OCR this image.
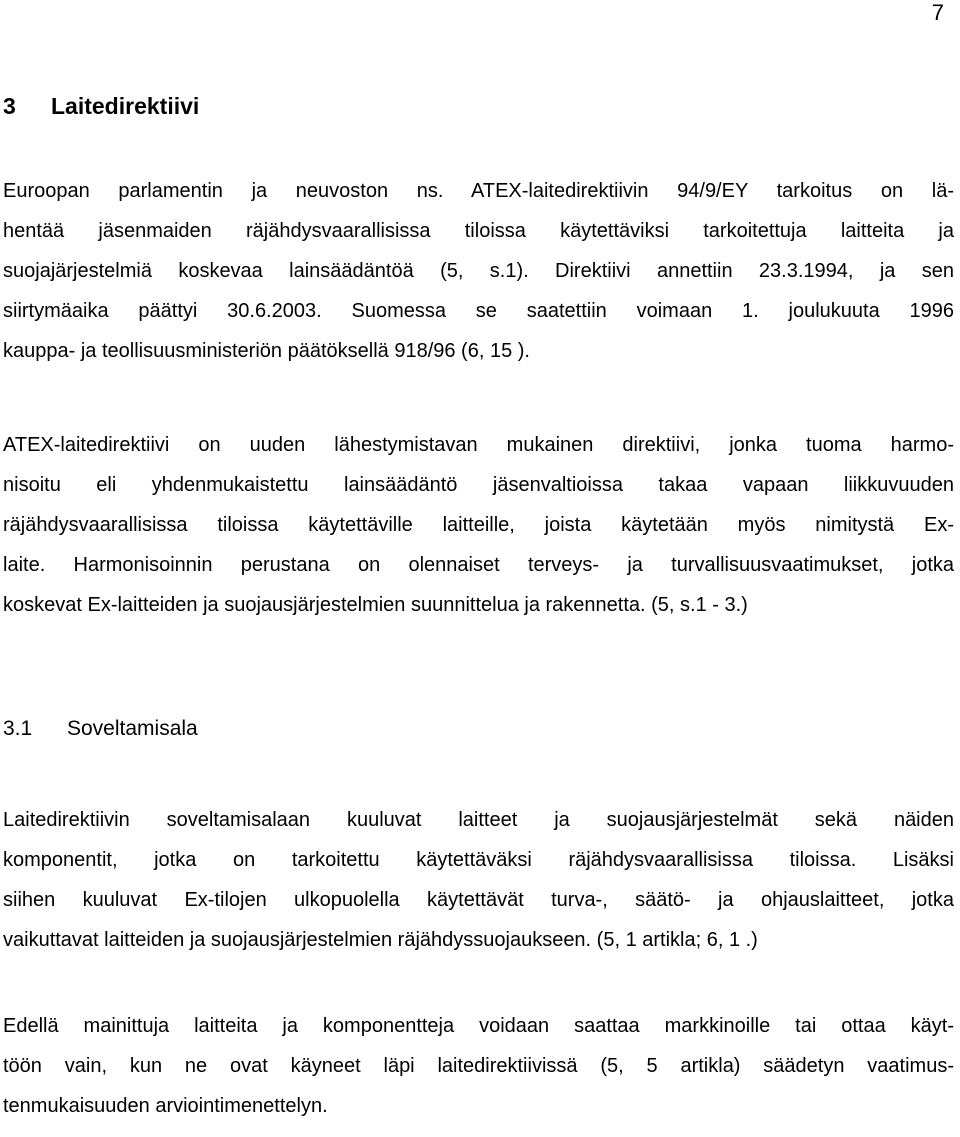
7
3 Laitedirektiivi
Euroopan parlamentin ja neuvoston ns. ATEX-laitedirektiivin 94/9/EY tarkoitus on lä-
hentää jäsenmaiden räjähdysvaarallisissa tiloissa käytettäviksi tarkoitettuja laitteita ja
suojajärjestelmiä koskevaa lainsäädäntöä (5, s.1). Direktiivi annettiin 23.3.1994, ja sen
siirtymäaika päättyi 30.6.2003. Suomessa se saatettiin voimaan 1. joulukuuta 1996
kauppa- ja teollisuusministeriön päätöksellä 918/96 (6, 15 ).
ATEX-laitedirektiivi on uuden lähestymistavan mukainen direktiivi, jonka tuoma harmo-
nisoitu eli yhdenmukaistettu lainsäädäntö jäsenvaltioissa takaa vapaan liikkuvuuden
räjähdysvaarallisissa tiloissa käytettäville laitteille, joista käytetään myös nimitystä Ex-
laite. Harmonisoinnin perustana on olennaiset terveys- ja turvallisuusvaatimukset, jotka
koskevat Ex-laitteiden ja suojausjärjestelmien suunnittelua ja rakennetta. (5, s.1 - 3.)
3.1 Soveltamisala
Laitedirektiivin soveltamisalaan kuuluvat laitteet ja suojausjärjestelmät sekä näiden
komponentit, jotka on tarkoitettu käytettäväksi räjähdysvaarallisissa tiloissa. Lisäksi
siihen kuuluvat Ex-tilojen ulkopuolella käytettävät turva-, säätö- ja ohjauslaitteet, jotka
vaikuttavat laitteiden ja suojausjärjestelmien räjähdyssuojaukseen. (5, 1 artikla; 6, 1 .)
Edellä mainittuja laitteita ja komponentteja voidaan saattaa markkinoille tai ottaa käyt-
töön vain, kun ne ovat käyneet läpi laitedirektiivissä (5, 5 artikla) säädetyn vaatimus-
tenmukaisuuden arviointimenettelyn.
